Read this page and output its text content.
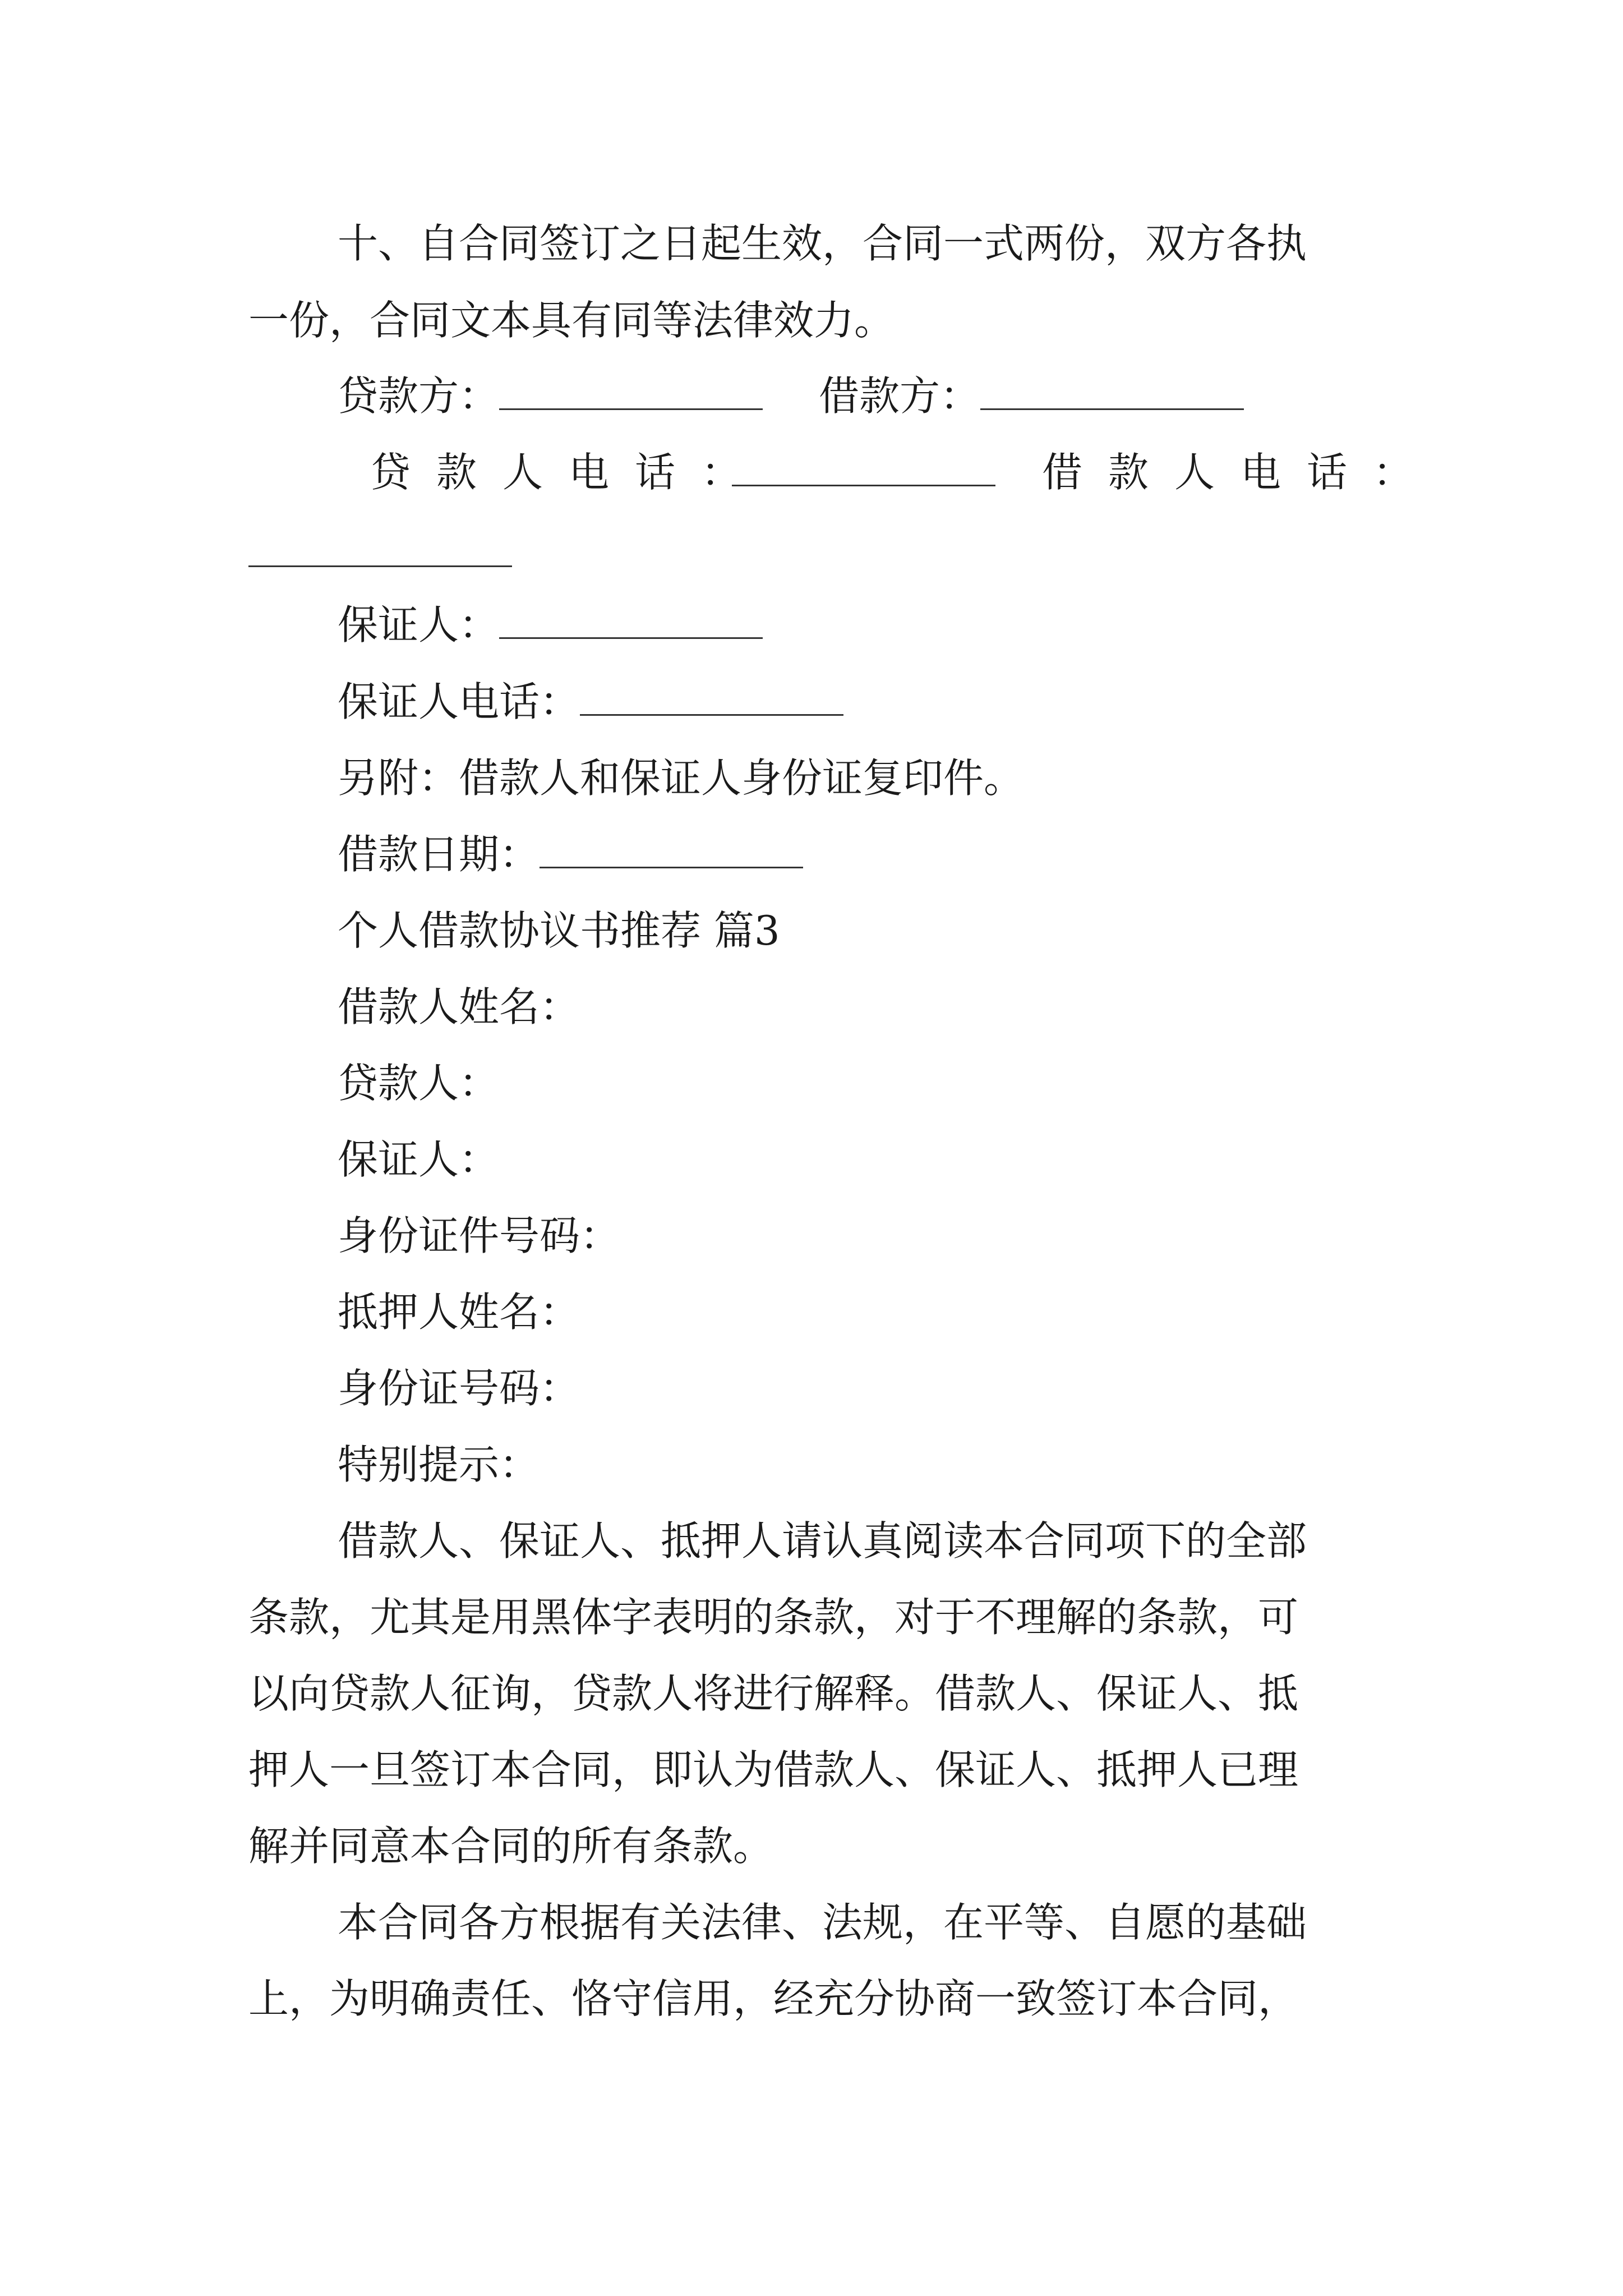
十、自合同签订之日起生效，合同一式两份，双方各执
一份，合同文本具有同等法律效力。
贷款方：	借款方：
贷款人电话：	借款人电话：
保证人：
保证人电话：
另附：借款人和保证人身份证复印件。
借款日期：
个人借款协议书推荐 篇3
借款人姓名：
贷款人：
保证人：
身份证件号码：
抵押人姓名：
身份证号码：
特别提示：
借款人、保证人、抵押人请认真阅读本合同项下的全部
条款，尤其是用黑体字表明的条款，对于不理解的条款，可
以向贷款人征询，贷款人将进行解释。借款人、保证人、抵
押人一旦签订本合同，即认为借款人、保证人、抵押人已理
解并同意本合同的所有条款。
本合同各方根据有关法律、法规，在平等、自愿的基础
上，为明确责任、恪守信用，经充分协商一致签订本合同，
